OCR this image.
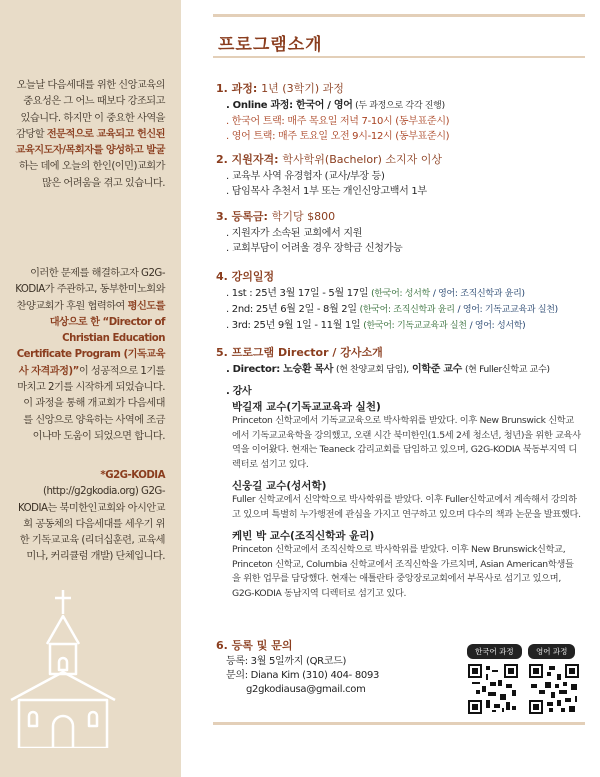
오늘날 다음세대를 위한 신앙교육의 중요성은 그 어느 때보다 강조되고 있습니다. 하지만 이 중요한 사역을 감당할 전문적으로 교육되고 헌신된 교육지도자/목회자를 양성하고 발굴하는 데에 오늘의 한인(이민)교회가 많은 어려움을 겪고 있습니다.
이러한 문제를 해결하고자 G2G-KODIA가 주관하고, 동부한미노회와 찬양교회가 후원 협력하여 평신도를 대상으로 한 “Director of Christian Education Certificate Program (기독교육사 자격과정)”이 성공적으로 1기를 마치고 2기를 시작하게 되었습니다. 이 과정을 통해 개교회가 다음세대를 신앙으로 양육하는 사역에 조금이나마 도움이 되었으면 합니다.
*G2G-KODIA
(http://g2gkodia.org) G2G-KODIA는 북미한인교회와 아시안교회 공동체의 다음세대를 세우기 위한 기독교교육 (리더십훈련, 교육세미나, 커리큘럼 개발) 단체입니다.
프로그램소개
1. 과정: 1년 (3학기) 과정
. Online 과정: 한국어 / 영어 (두 과정으로 각각 진행)
. 한국어 트랙: 매주 목요일 저녁 7-10시 (동부표준시)
. 영어 트랙: 매주 토요일 오전 9시-12시 (동부표준시)
2. 지원자격: 학사학위(Bachelor) 소지자 이상
. 교육부 사역 유경험자 (교사/부장 등)
. 담임목사 추천서 1부 또는 개인신앙고백서 1부
3. 등록금: 학기당 $800
. 지원자가 소속된 교회에서 지원
. 교회부담이 어려울 경우 장학금 신청가능
4. 강의일정
. 1st : 25년 3월 17일 - 5월 17일 (한국어: 성서학 / 영어: 조직신학과 윤리)
. 2nd: 25년 6월 2일 - 8월 2일 (한국어: 조직신학과 윤리 / 영어: 기독교교육과 실천)
. 3rd: 25년 9월 1일 - 11월 1일 (한국어: 기독교교육과 실천 / 영어: 성서학)
5. 프로그램 Director / 강사소개
. Director: 노승환 목사 (현 찬양교회 담임), 이학준 교수 (현 Fuller신학교 교수)
. 강사
박길재 교수(기독교교육과 실천)
Princeton 신학교에서 기독교교육으로 박사학위를 받았다. 이후 New Brunswick 신학교에서 기독교교육학을 강의했고, 오랜 시간 북미한인(1.5세 2세 청소년, 청년)을 위한 교육사역을 이어왔다. 현재는 Teaneck 감리교회를 담임하고 있으며, G2G-KODIA 북동부지역 디렉터로 섬기고 있다.
신웅길 교수(성서학)
Fuller 신학교에서 신약학으로 박사학위를 받았다. 이후 Fuller신학교에서 계속해서 강의하고 있으며 특별히 누가행전에 관심을 가지고 연구하고 있으며 다수의 책과 논문을 발표했다.
케빈 박 교수(조직신학과 윤리)
Princeton 신학교에서 조직신학으로 박사학위를 받았다. 이후 New Brunswick신학교, Princeton 신학교, Columbia 신학교에서 조직신학을 가르치며, Asian American학생들을 위한 업무를 담당했다. 현재는 애틀란타 중앙장로교회에서 부목사로 섬기고 있으며, G2G-KODIA 동남지역 디렉터로 섬기고 있다.
6. 등록 및 문의
등록: 3월 5일까지 (QR코드)
문의: Diana Kim (310) 404- 8093
g2gkodiausa@gmail.com
한국어 과정	영어 과정
